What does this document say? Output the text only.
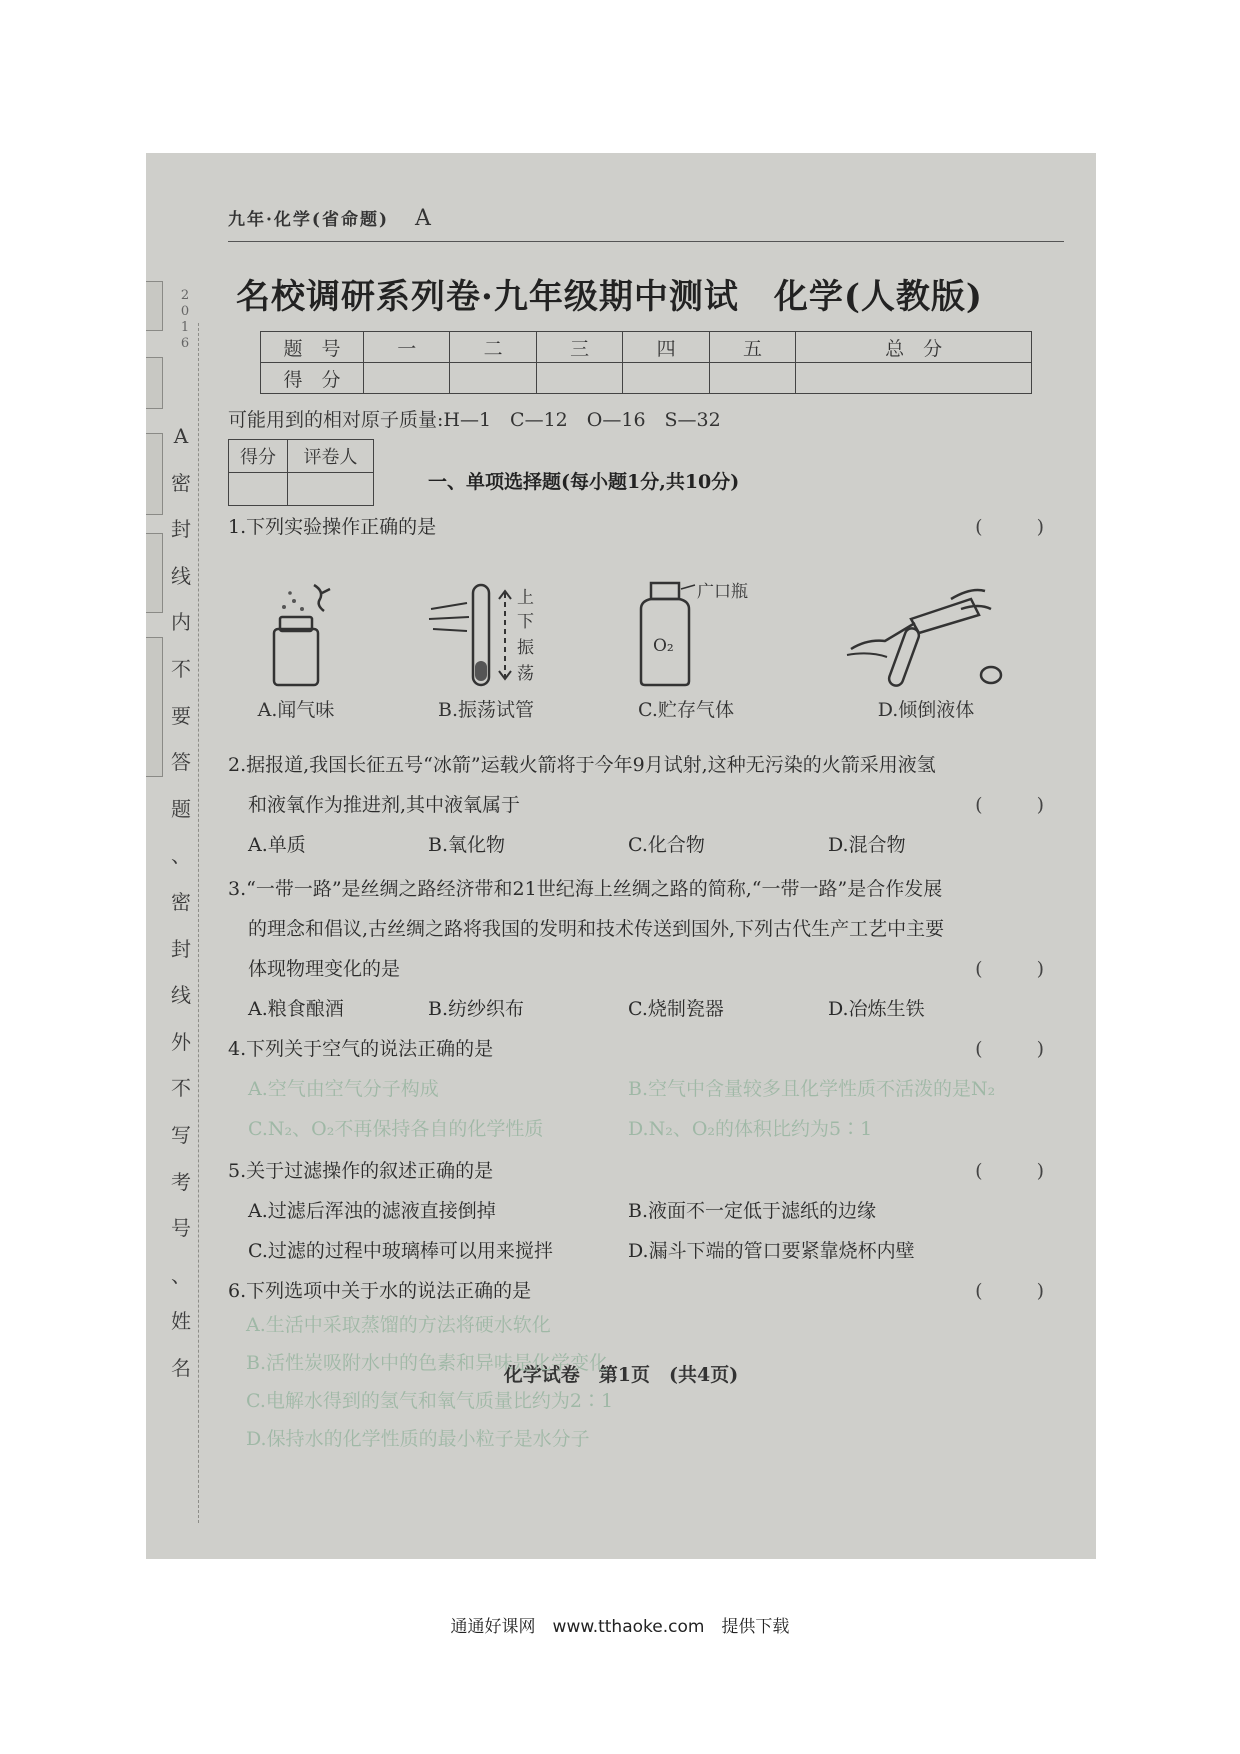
2
0
1
6
A
密
封
线
内
不
要
答
题
、
密
封
线
外
不
写
考
号
、
姓
名
九年·化学(省命题) A
名校调研系列卷·九年级期中测试　化学(人教版)
题　号	一	二	三	四	五	总　分
得　分						
可能用到的相对原子质量:H—1　C—12　O—16　S—32
得分	评卷人

一、单项选择题(每小题1分,共10分)
1.下列实验操作正确的是	( )
A.闻气味
上
下
振
荡
B.振荡试管
O₂
广口瓶
C.贮存气体	D.倾倒液体
2.据报道,我国长征五号“冰箭”运载火箭将于今年9月试射,这种无污染的火箭采用液氢
和液氧作为推进剂,其中液氧属于	( )
A.单质	B.氧化物	C.化合物	D.混合物
3.“一带一路”是丝绸之路经济带和21世纪海上丝绸之路的简称,“一带一路”是合作发展
的理念和倡议,古丝绸之路将我国的发明和技术传送到国外,下列古代生产工艺中主要
体现物理变化的是	( )
A.粮食酿酒	B.纺纱织布	C.烧制瓷器	D.冶炼生铁
4.下列关于空气的说法正确的是	( )
A.空气由空气分子构成	B.空气中含量较多且化学性质不活泼的是N₂
C.N₂、O₂不再保持各自的化学性质	D.N₂、O₂的体积比约为5∶1
5.关于过滤操作的叙述正确的是	( )
A.过滤后浑浊的滤液直接倒掉	B.液面不一定低于滤纸的边缘
C.过滤的过程中玻璃棒可以用来搅拌	D.漏斗下端的管口要紧靠烧杯内壁
6.下列选项中关于水的说法正确的是	( )
化学试卷　第1页　(共4页)
A.生活中采取蒸馏的方法将硬水软化
B.活性炭吸附水中的色素和异味是化学变化
C.电解水得到的氢气和氧气质量比约为2∶1
D.保持水的化学性质的最小粒子是水分子
通通好课网　www.tthaoke.com　提供下载
